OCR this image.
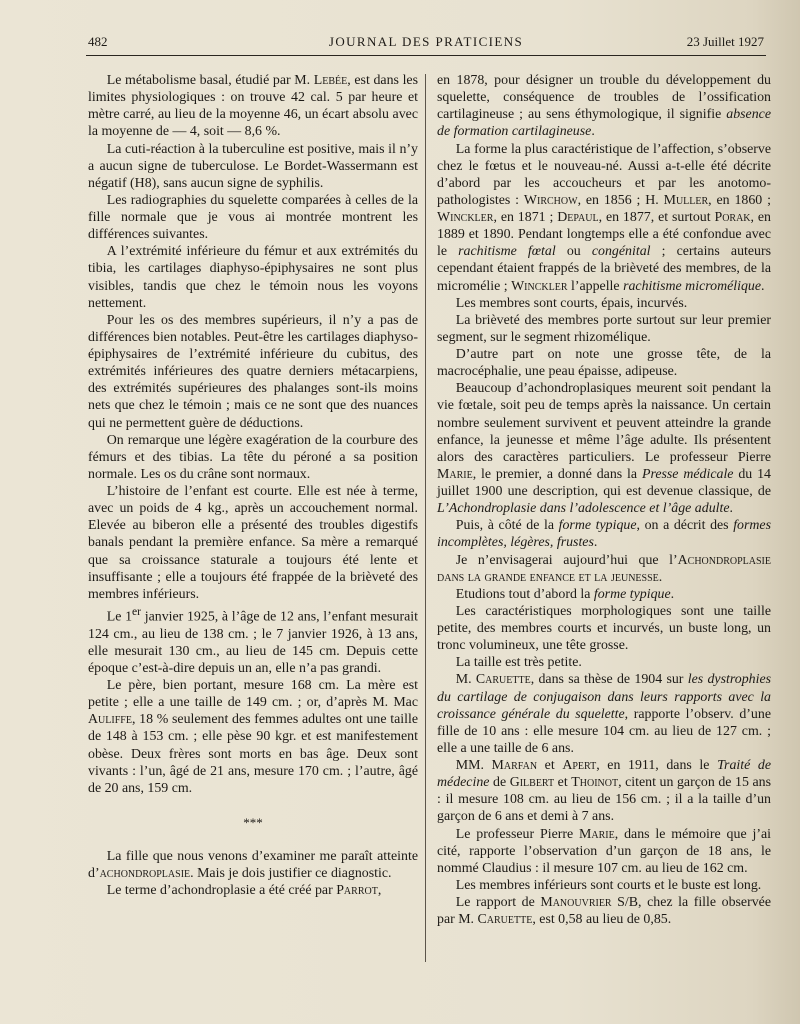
482	JOURNAL DES PRATICIENS	23 Juillet 1927

Le métabolisme basal, étudié par M. Lebée, est dans les limites physiologiques : on trouve 42 cal. 5 par heure et mètre carré, au lieu de la moyenne 46, un écart absolu avec la moyenne de — 4, soit — 8,6 %.

La cuti-réaction à la tuberculine est positive, mais il n’y a aucun signe de tuberculose. Le Bordet-Wassermann est négatif (H8), sans aucun signe de syphilis.

Les radiographies du squelette comparées à celles de la fille normale que je vous ai montrée montrent les différences suivantes.

A l’extrémité inférieure du fémur et aux extrémités du tibia, les cartilages diaphyso-épiphysaires ne sont plus visibles, tandis que chez le témoin nous les voyons nettement.

Pour les os des membres supérieurs, il n’y a pas de différences bien notables. Peut-être les cartilages diaphyso-épiphysaires de l’extrémité inférieure du cubitus, des extrémités inférieures des quatre derniers métacarpiens, des extrémités supérieures des phalanges sont-ils moins nets que chez le témoin ; mais ce ne sont que des nuances qui ne permettent guère de déductions.

On remarque une légère exagération de la courbure des fémurs et des tibias. La tête du péroné a sa position normale. Les os du crâne sont normaux.

L’histoire de l’enfant est courte. Elle est née à terme, avec un poids de 4 kg., après un accouchement normal. Elevée au biberon elle a présenté des troubles digestifs banals pendant la première enfance. Sa mère a remarqué que sa croissance staturale a toujours été lente et insuffisante ; elle a toujours été frappée de la brièveté des membres inférieurs.

Le 1er janvier 1925, à l’âge de 12 ans, l’enfant mesurait 124 cm., au lieu de 138 cm. ; le 7 janvier 1926, à 13 ans, elle mesurait 130 cm., au lieu de 145 cm. Depuis cette époque c’est-à-dire depuis un an, elle n’a pas grandi.

Le père, bien portant, mesure 168 cm. La mère est petite ; elle a une taille de 149 cm. ; or, d’après M. Mac Auliffe, 18 % seulement des femmes adultes ont une taille de 148 à 153 cm. ; elle pèse 90 kgr. et est manifestement obèse. Deux frères sont morts en bas âge. Deux sont vivants : l’un, âgé de 21 ans, mesure 170 cm. ; l’autre, âgé de 20 ans, 159 cm.

***

La fille que nous venons d’examiner me paraît atteinte d’achondroplasie. Mais je dois justifier ce diagnostic.

Le terme d’achondroplasie a été créé par Parrot,

en 1878, pour désigner un trouble du développement du squelette, conséquence de troubles de l’ossification cartilagineuse ; au sens éthymologique, il signifie absence de formation cartilagineuse.

La forme la plus caractéristique de l’affection, s’observe chez le fœtus et le nouveau-né. Aussi a-t-elle été décrite d’abord par les accoucheurs et par les anotomo-pathologistes : Wirchow, en 1856 ; H. Muller, en 1860 ; Winckler, en 1871 ; Depaul, en 1877, et surtout Porak, en 1889 et 1890. Pendant longtemps elle a été confondue avec le rachitisme fœtal ou congénital ; certains auteurs cependant étaient frappés de la brièveté des membres, de la micromélie ; Winckler l’appelle rachitisme micromélique.

Les membres sont courts, épais, incurvés.

La brièveté des membres porte surtout sur leur premier segment, sur le segment rhizomélique.

D’autre part on note une grosse tête, de la macrocéphalie, une peau épaisse, adipeuse.

Beaucoup d’achondroplasiques meurent soit pendant la vie fœtale, soit peu de temps après la naissance. Un certain nombre seulement survivent et peuvent atteindre la grande enfance, la jeunesse et même l’âge adulte. Ils présentent alors des caractères particuliers. Le professeur Pierre Marie, le premier, a donné dans la Presse médicale du 14 juillet 1900 une description, qui est devenue classique, de L’Achondroplasie dans l’adolescence et l’âge adulte.

Puis, à côté de la forme typique, on a décrit des formes incomplètes, légères, frustes.

Je n’envisagerai aujourd’hui que l’Achondroplasie dans la grande enfance et la jeunesse.

Etudions tout d’abord la forme typique.

Les caractéristiques morphologiques sont une taille petite, des membres courts et incurvés, un buste long, un tronc volumineux, une tête grosse.

La taille est très petite.

M. Caruette, dans sa thèse de 1904 sur les dystrophies du cartilage de conjugaison dans leurs rapports avec la croissance générale du squelette, rapporte l’observ. d’une fille de 10 ans : elle mesure 104 cm. au lieu de 127 cm. ; elle a une taille de 6 ans.

MM. Marfan et Apert, en 1911, dans le Traité de médecine de Gilbert et Thoinot, citent un garçon de 15 ans : il mesure 108 cm. au lieu de 156 cm. ; il a la taille d’un garçon de 6 ans et demi à 7 ans.

Le professeur Pierre Marie, dans le mémoire que j’ai cité, rapporte l’observation d’un garçon de 18 ans, le nommé Claudius : il mesure 107 cm. au lieu de 162 cm.

Les membres inférieurs sont courts et le buste est long.

Le rapport de Manouvrier S/B, chez la fille observée par M. Caruette, est 0,58 au lieu de 0,85.
